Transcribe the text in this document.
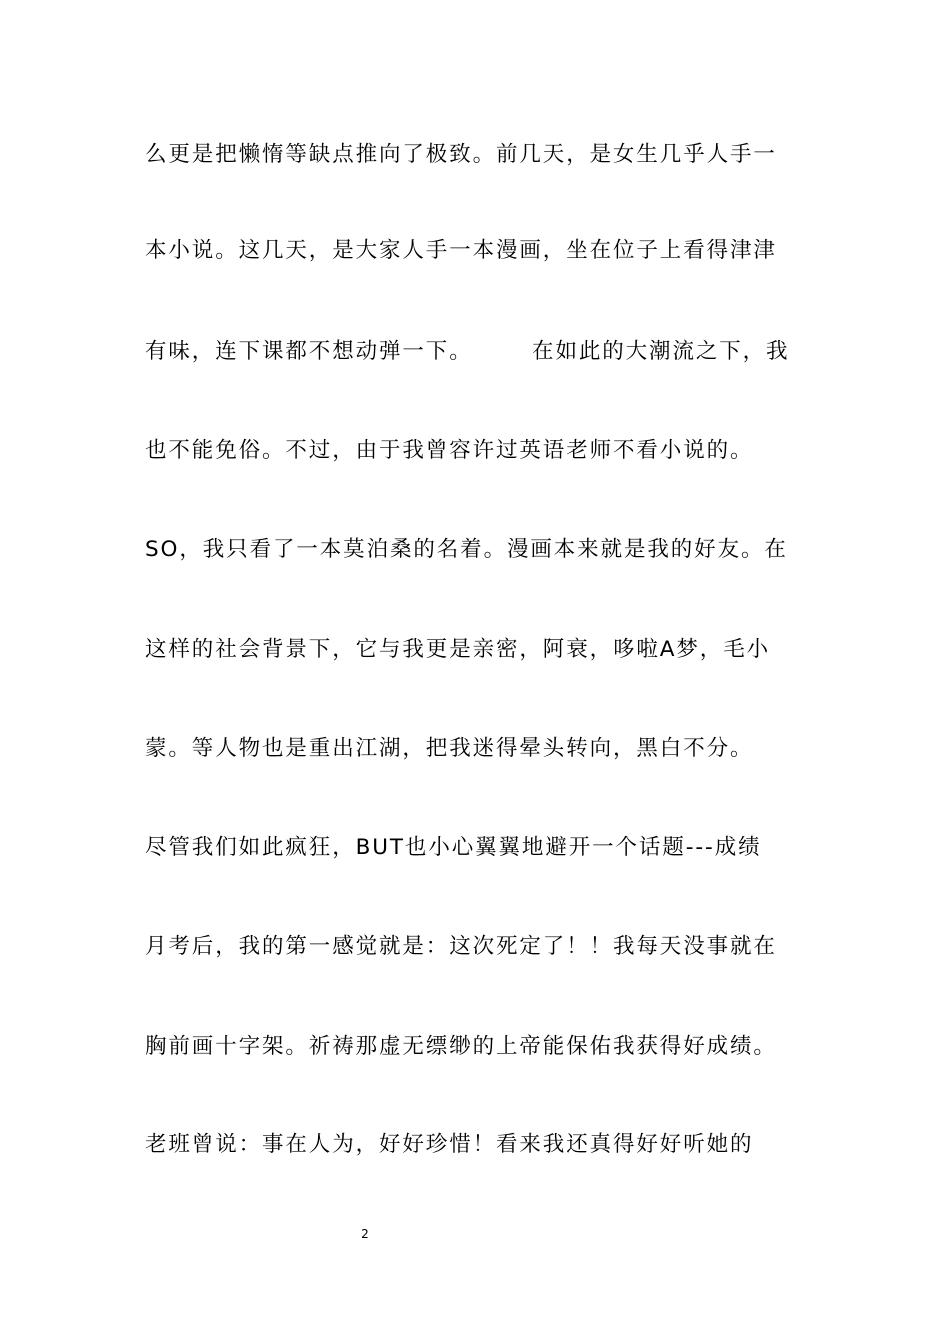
么更是把懒惰等缺点推向了极致。前几天，是女生几乎人手一
本小说。这几天，是大家人手一本漫画，坐在位子上看得津津
有味，连下课都不想动弹一下。　　　在如此的大潮流之下，我
也不能免俗。不过，由于我曾容许过英语老师不看小说的。
SO，我只看了一本莫泊桑的名着。漫画本来就是我的好友。在
这样的社会背景下，它与我更是亲密，阿衰，哆啦A梦，毛小
蒙。等人物也是重出江湖，把我迷得晕头转向，黑白不分。
尽管我们如此疯狂，BUT也小心翼翼地避开一个话题---成绩
月考后，我的第一感觉就是：这次死定了！！我每天没事就在
胸前画十字架。祈祷那虚无缥缈的上帝能保佑我获得好成绩。
老班曾说：事在人为，好好珍惜！看来我还真得好好听她的
2
